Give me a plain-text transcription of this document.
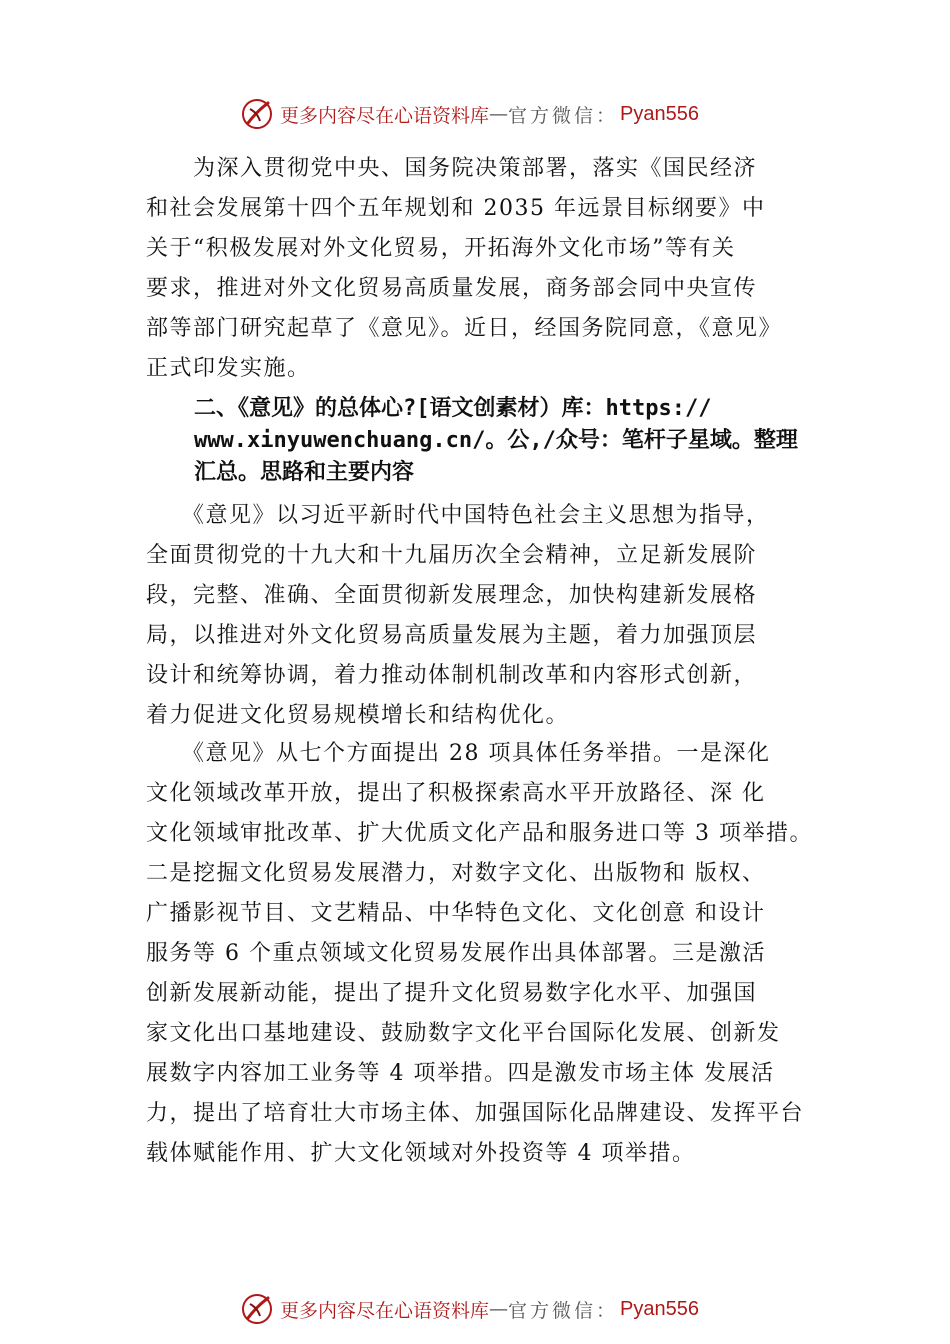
更多内容尽在心语资料库 — 官方微信： Pyan556
　　为深入贯彻党中央、国务院决策部署，落实《国民经济
和社会发展第十四个五年规划和 2035 年远景目标纲要》中
关于“积极发展对外文化贸易，开拓海外文化市场”等有关
要求，推进对外文化贸易高质量发展，商务部会同中央宣传
部等部门研究起草了《意见》。近日，经国务院同意，《意见》
正式印发实施。
二、《意见》的总体心?[语文创素材）库：https://
www.xinyuwenchuang.cn/。公,/众号：笔杆子星域。整理
汇总。思路和主要内容
　　《意见》以习近平新时代中国特色社会主义思想为指导，
全面贯彻党的十九大和十九届历次全会精神，立足新发展阶
段，完整、准确、全面贯彻新发展理念，加快构建新发展格
局，以推进对外文化贸易高质量发展为主题，着力加强顶层
设计和统筹协调，着力推动体制机制改革和内容形式创新，
着力促进文化贸易规模增长和结构优化。
　　《意见》从七个方面提出 28 项具体任务举措。一是深化
文化领域改革开放，提出了积极探索高水平开放路径、深 化
文化领域审批改革、扩大优质文化产品和服务进口等 3 项举措。
二是挖掘文化贸易发展潜力，对数字文化、出版物和 版权、
广播影视节目、文艺精品、中华特色文化、文化创意 和设计
服务等 6 个重点领域文化贸易发展作出具体部署。三是激活
创新发展新动能，提出了提升文化贸易数字化水平、加强国
家文化出口基地建设、鼓励数字文化平台国际化发展、创新发
展数字内容加工业务等 4 项举措。四是激发市场主体 发展活
力，提出了培育壮大市场主体、加强国际化品牌建设、发挥平台
载体赋能作用、扩大文化领域对外投资等 4 项举措。
更多内容尽在心语资料库 — 官方微信： Pyan556
